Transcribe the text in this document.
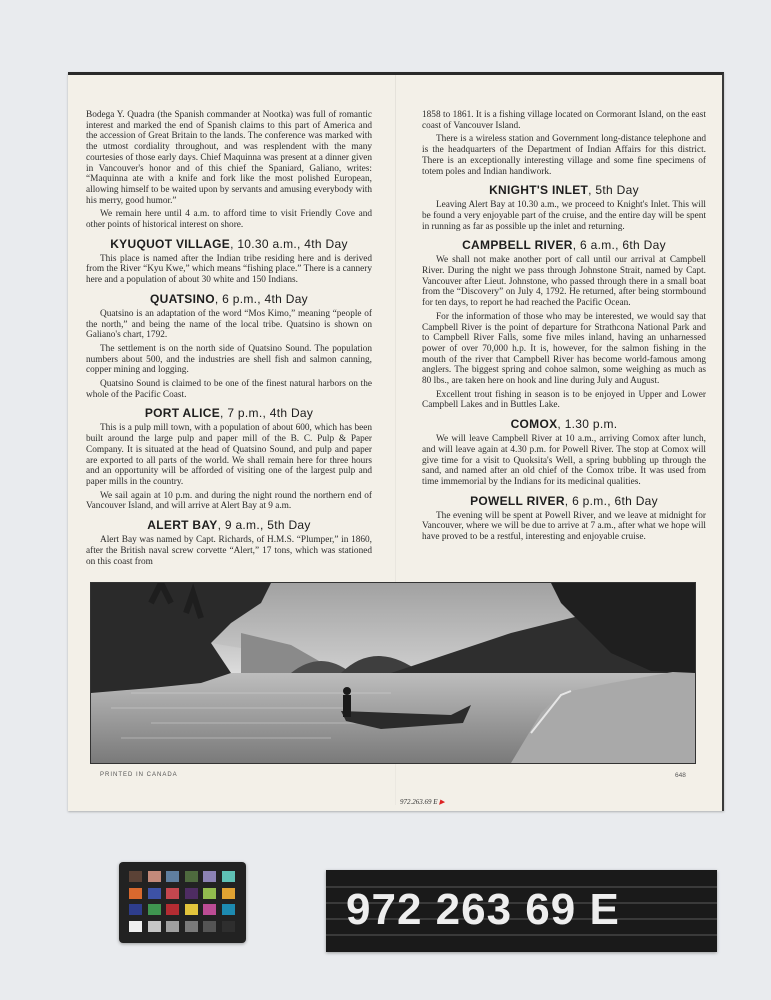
Bodega Y. Quadra (the Spanish commander at Nootka) was full of romantic interest and marked the end of Spanish claims to this part of America and the accession of Great Britain to the lands. The conference was marked with the utmost cordiality throughout, and was resplendent with the many courtesies of those early days. Chief Maquinna was present at a dinner given in Vancouver's honor and of this chief the Spaniard, Galiano, writes: “Maquinna ate with a knife and fork like the most polished European, allowing himself to be waited upon by servants and amusing everybody with his merry, good humor.”

We remain here until 4 a.m. to afford time to visit Friendly Cove and other points of historical interest on shore.

KYUQUOT VILLAGE, 10.30 a.m., 4th Day

This place is named after the Indian tribe residing here and is derived from the River “Kyu Kwe,” which means “fishing place.” There is a cannery here and a population of about 30 white and 150 Indians.

QUATSINO, 6 p.m., 4th Day

Quatsino is an adaptation of the word “Mos Kimo,” meaning “people of the north,” and being the name of the local tribe. Quatsino is shown on Galiano's chart, 1792.

The settlement is on the north side of Quatsino Sound. The population numbers about 500, and the industries are shell fish and salmon canning, copper mining and logging.

Quatsino Sound is claimed to be one of the finest natural harbors on the whole of the Pacific Coast.

PORT ALICE, 7 p.m., 4th Day

This is a pulp mill town, with a population of about 600, which has been built around the large pulp and paper mill of the B. C. Pulp & Paper Company. It is situated at the head of Quatsino Sound, and pulp and paper are exported to all parts of the world. We shall remain here for three hours and an opportunity will be afforded of visiting one of the largest pulp and paper mills in the country.

We sail again at 10 p.m. and during the night round the northern end of Vancouver Island, and will arrive at Alert Bay at 9 a.m.

ALERT BAY, 9 a.m., 5th Day

Alert Bay was named by Capt. Richards, of H.M.S. “Plumper,” in 1860, after the British naval screw corvette “Alert,” 17 tons, which was stationed on this coast from

1858 to 1861. It is a fishing village located on Cormorant Island, on the east coast of Vancouver Island.

There is a wireless station and Government long-distance telephone and is the headquarters of the Department of Indian Affairs for this district. There is an exceptionally interesting village and some fine specimens of totem poles and Indian handiwork.

KNIGHT'S INLET, 5th Day

Leaving Alert Bay at 10.30 a.m., we proceed to Knight's Inlet. This will be found a very enjoyable part of the cruise, and the entire day will be spent in running as far as possible up the inlet and returning.

CAMPBELL RIVER, 6 a.m., 6th Day

We shall not make another port of call until our arrival at Campbell River. During the night we pass through Johnstone Strait, named by Capt. Vancouver after Lieut. Johnstone, who passed through there in a small boat from the “Discovery” on July 4, 1792. He returned, after being stormbound for ten days, to report he had reached the Pacific Ocean.

For the information of those who may be interested, we would say that Campbell River is the point of departure for Strathcona National Park and to Campbell River Falls, some five miles inland, having an unharnessed power of over 70,000 h.p. It is, however, for the salmon fishing in the mouth of the river that Campbell River has become world-famous among anglers. The biggest spring and cohoe salmon, some weighing as much as 80 lbs., are taken here on hook and line during July and August.

Excellent trout fishing in season is to be enjoyed in Upper and Lower Campbell Lakes and in Buttles Lake.

COMOX, 1.30 p.m.

We will leave Campbell River at 10 a.m., arriving Comox after lunch, and will leave again at 4.30 p.m. for Powell River. The stop at Comox will give time for a visit to Quoksita's Well, a spring bubbling up through the sand, and named after an old chief of the Comox tribe. It was used from time immemorial by the Indians for its medicinal qualities.

POWELL RIVER, 6 p.m., 6th Day

The evening will be spent at Powell River, and we leave at midnight for Vancouver, where we will be due to arrive at 7 a.m., after what we hope will have proved to be a restful, interesting and enjoyable cruise.

PRINTED IN CANADA	648
972.263.69 E ▶
972 263 69 E
